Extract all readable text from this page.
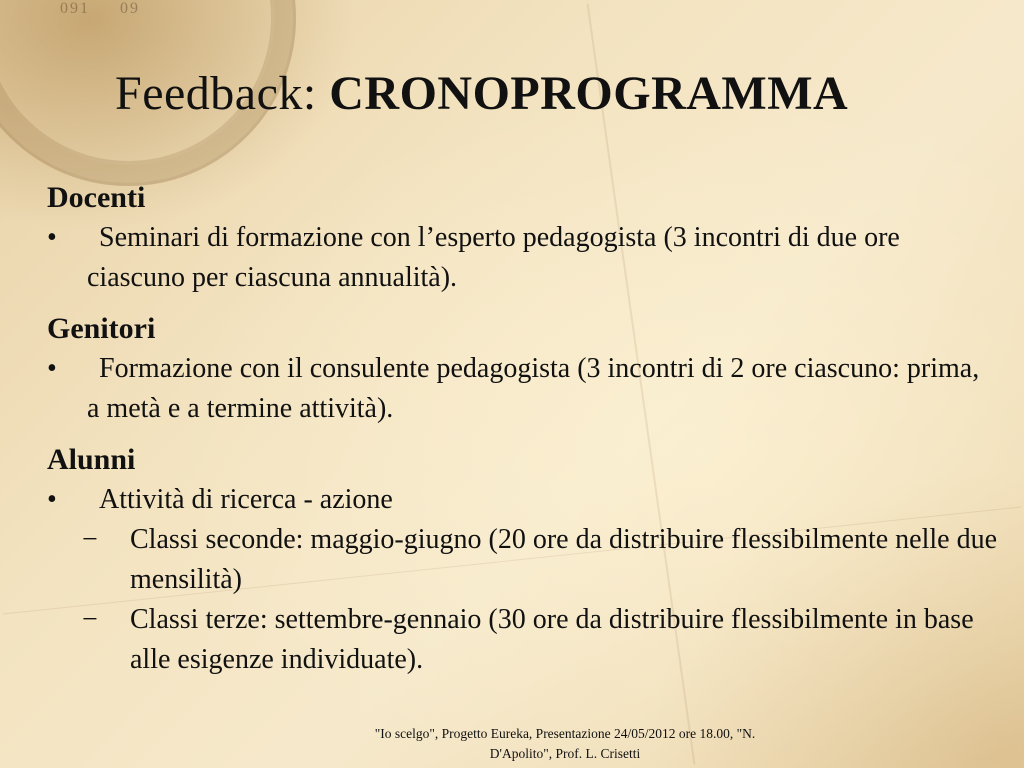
091 09
Feedback: CRONOPROGRAMMA

Docenti

•	Seminari di formazione con l’esperto pedagogista (3 incontri di due ore ciascuno per ciascuna annualità).

Genitori

•	Formazione con il consulente pedagogista (3 incontri di 2 ore ciascuno: prima, a metà e a termine attività).

Alunni

•	Attività di ricerca - azione

− Classi seconde: maggio-giugno (20 ore da distribuire flessibilmente nelle due mensilità)

− Classi terze: settembre-gennaio (30 ore da distribuire flessibilmente in base alle esigenze individuate).

"Io scelgo", Progetto Eureka, Presentazione 24/05/2012 ore 18.00, "N.
D'Apolito", Prof. L. Crisetti
